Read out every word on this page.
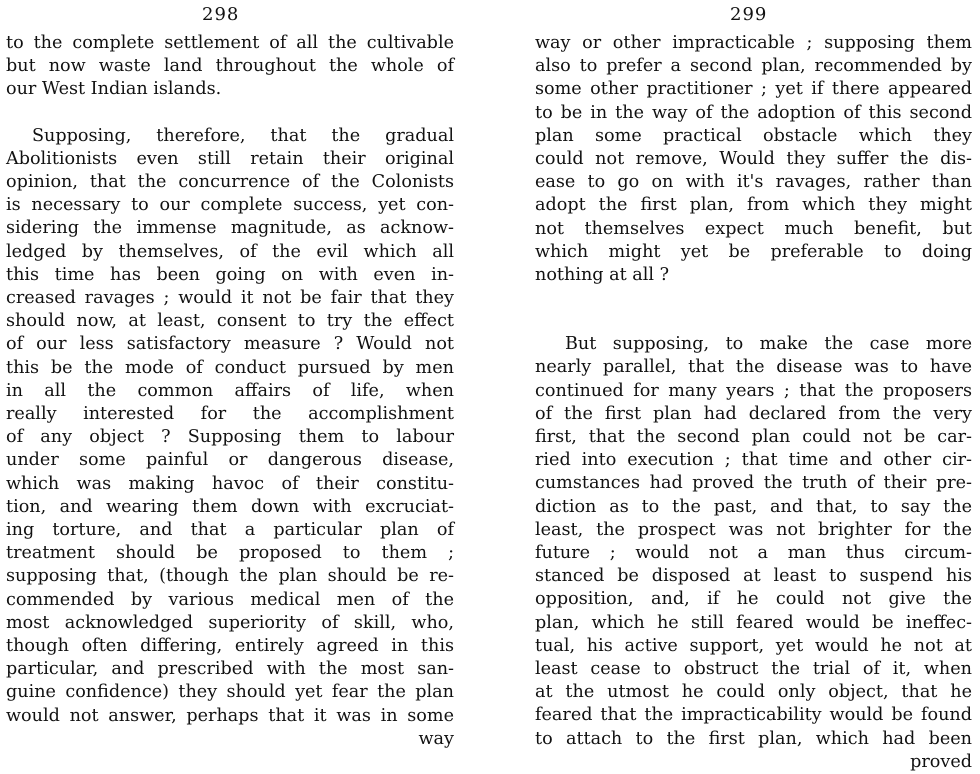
298	299

to the complete settlement of all the cultivable
but now waste land throughout the whole of
our West Indian islands.

Supposing, therefore, that the gradual
Abolitionists even still retain their original
opinion, that the concurrence of the Colonists
is necessary to our complete success, yet con-
sidering the immense magnitude, as acknow-
ledged by themselves, of the evil which all
this time has been going on with even in-
creased ravages ; would it not be fair that they
should now, at least, consent to try the effect
of our less satisfactory measure ? Would not
this be the mode of conduct pursued by men
in all the common affairs of life, when
really interested for the accomplishment
of any object ? Supposing them to labour
under some painful or dangerous disease,
which was making havoc of their constitu-
tion, and wearing them down with excruciat-
ing torture, and that a particular plan of
treatment should be proposed to them ;
supposing that, (though the plan should be re-
commended by various medical men of the
most acknowledged superiority of skill, who,
though often differing, entirely agreed in this
particular, and prescribed with the most san-
guine confidence) they should yet fear the plan
would not answer, perhaps that it was in some

way

way or other impracticable ; supposing them
also to prefer a second plan, recommended by
some other practitioner ; yet if there appeared
to be in the way of the adoption of this second
plan some practical obstacle which they
could not remove, Would they suffer the dis-
ease to go on with it's ravages, rather than
adopt the first plan, from which they might
not themselves expect much benefit, but
which might yet be preferable to doing
nothing at all ?

But supposing, to make the case more
nearly parallel, that the disease was to have
continued for many years ; that the proposers
of the first plan had declared from the very
first, that the second plan could not be car-
ried into execution ; that time and other cir-
cumstances had proved the truth of their pre-
diction as to the past, and that, to say the
least, the prospect was not brighter for the
future ; would not a man thus circum-
stanced be disposed at least to suspend his
opposition, and, if he could not give the
plan, which he still feared would be ineffec-
tual, his active support, yet would he not at
least cease to obstruct the trial of it, when
at the utmost he could only object, that he
feared that the impracticability would be found
to attach to the first plan, which had been

proved
